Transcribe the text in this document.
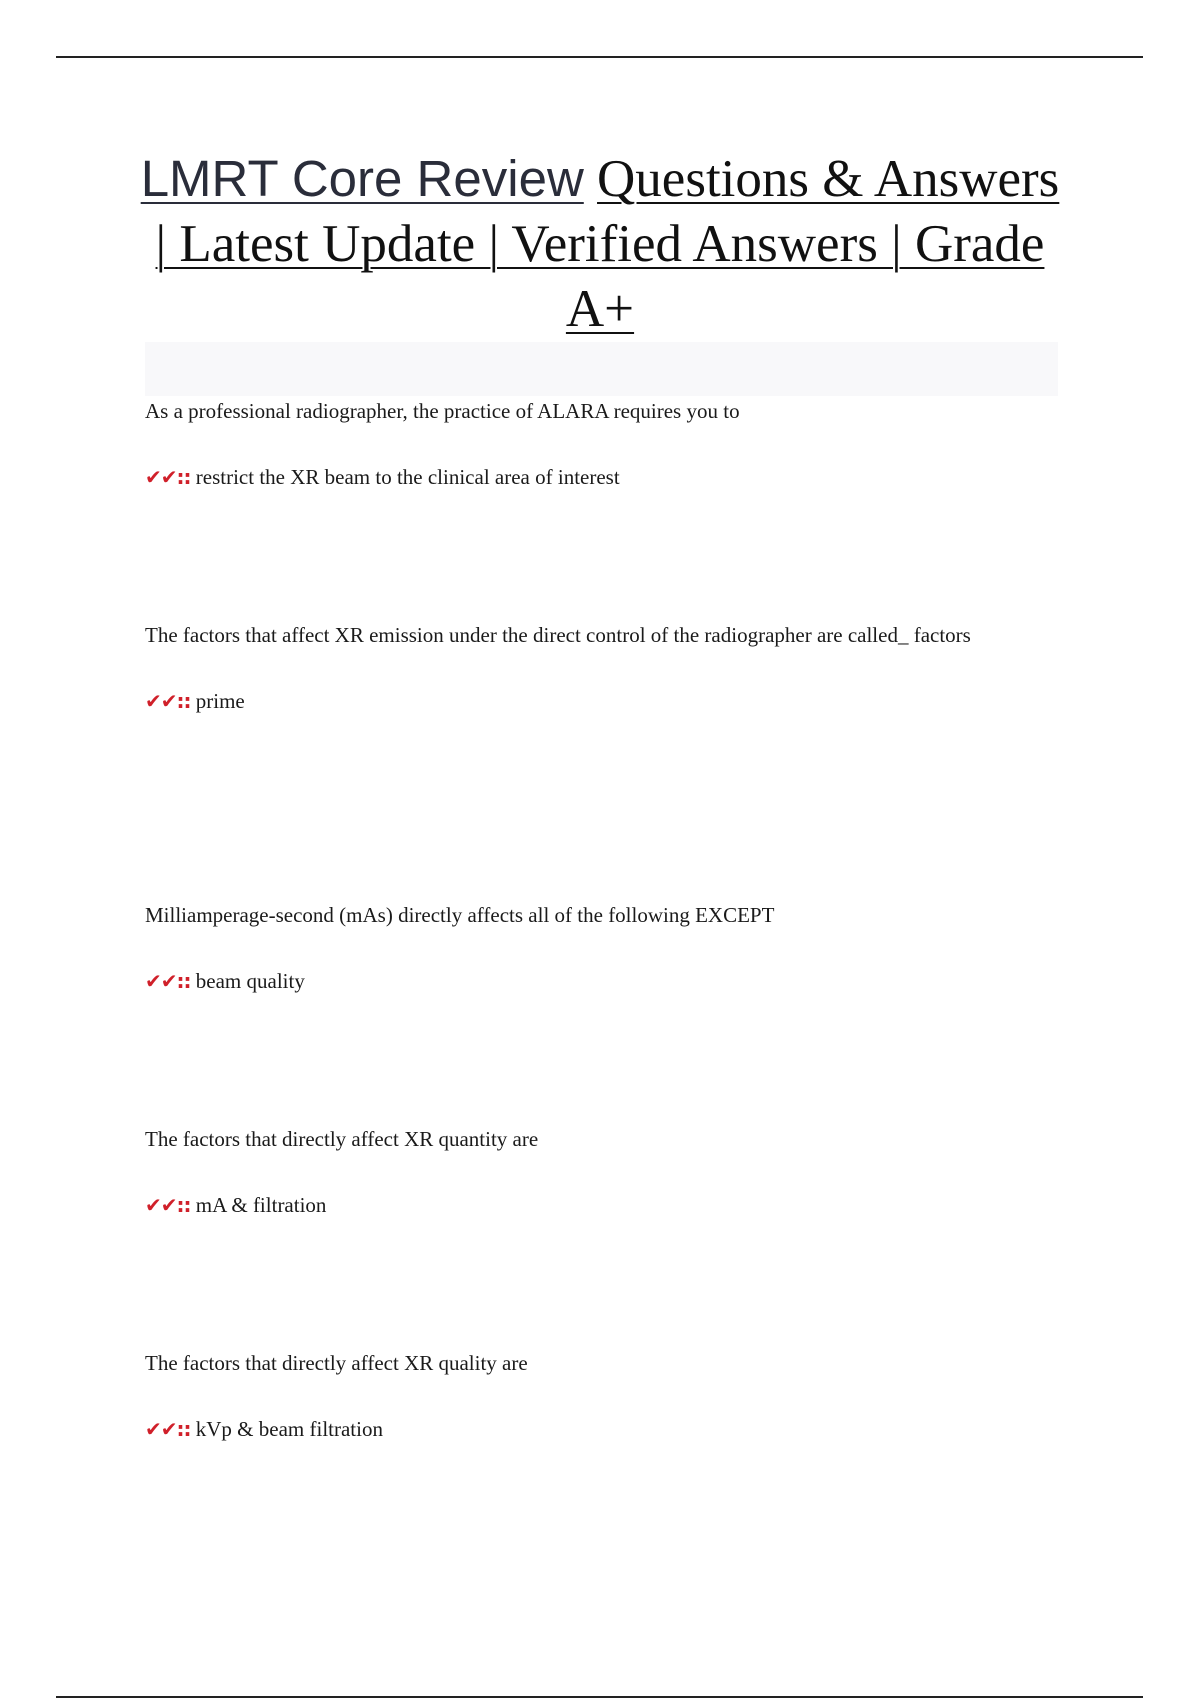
LMRT Core Review Questions & Answers | Latest Update | Verified Answers | Grade A+

As a professional radiographer, the practice of ALARA requires you to

✔✔:: restrict the XR beam to the clinical area of interest

The factors that affect XR emission under the direct control of the radiographer are called_ factors

✔✔:: prime

Milliamperage-second (mAs) directly affects all of the following EXCEPT

✔✔:: beam quality

The factors that directly affect XR quantity are

✔✔:: mA & filtration

The factors that directly affect XR quality are

✔✔:: kVp & beam filtration
